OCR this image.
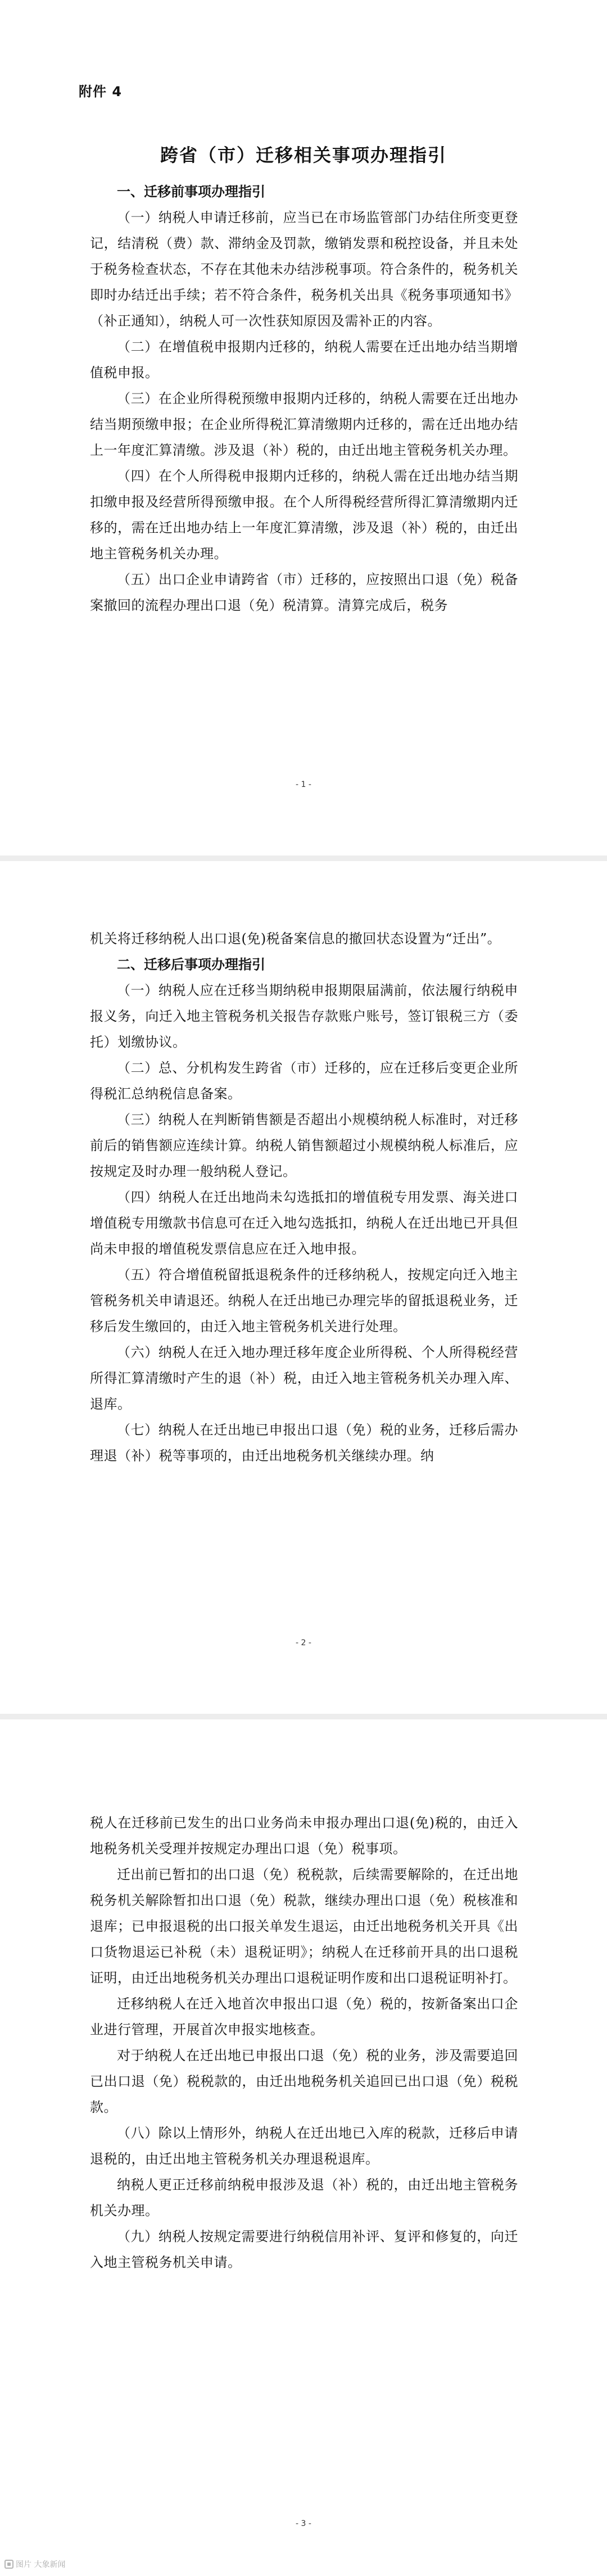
附件 4
跨省（市）迁移相关事项办理指引
一、迁移前事项办理指引

（一）纳税人申请迁移前，应当已在市场监管部门办结住所变更登记，结清税（费）款、滞纳金及罚款，缴销发票和税控设备，并且未处于税务检查状态，不存在其他未办结涉税事项。符合条件的，税务机关即时办结迁出手续；若不符合条件，税务机关出具《税务事项通知书》（补正通知），纳税人可一次性获知原因及需补正的内容。

（二）在增值税申报期内迁移的，纳税人需要在迁出地办结当期增值税申报。

（三）在企业所得税预缴申报期内迁移的，纳税人需要在迁出地办结当期预缴申报；在企业所得税汇算清缴期内迁移的，需在迁出地办结上一年度汇算清缴。涉及退（补）税的，由迁出地主管税务机关办理。

（四）在个人所得税申报期内迁移的，纳税人需在迁出地办结当期扣缴申报及经营所得预缴申报。在个人所得税经营所得汇算清缴期内迁移的，需在迁出地办结上一年度汇算清缴，涉及退（补）税的，由迁出地主管税务机关办理。

（五）出口企业申请跨省（市）迁移的，应按照出口退（免）税备案撤回的流程办理出口退（免）税清算。清算完成后，税务

- 1 -

机关将迁移纳税人出口退(免)税备案信息的撤回状态设置为“迁出”。

二、迁移后事项办理指引

（一）纳税人应在迁移当期纳税申报期限届满前，依法履行纳税申报义务，向迁入地主管税务机关报告存款账户账号，签订银税三方（委托）划缴协议。

（二）总、分机构发生跨省（市）迁移的，应在迁移后变更企业所得税汇总纳税信息备案。

（三）纳税人在判断销售额是否超出小规模纳税人标准时，对迁移前后的销售额应连续计算。纳税人销售额超过小规模纳税人标准后，应按规定及时办理一般纳税人登记。

（四）纳税人在迁出地尚未勾选抵扣的增值税专用发票、海关进口增值税专用缴款书信息可在迁入地勾选抵扣，纳税人在迁出地已开具但尚未申报的增值税发票信息应在迁入地申报。

（五）符合增值税留抵退税条件的迁移纳税人，按规定向迁入地主管税务机关申请退还。纳税人在迁出地已办理完毕的留抵退税业务，迁移后发生缴回的，由迁入地主管税务机关进行处理。

（六）纳税人在迁入地办理迁移年度企业所得税、个人所得税经营所得汇算清缴时产生的退（补）税，由迁入地主管税务机关办理入库、退库。

（七）纳税人在迁出地已申报出口退（免）税的业务，迁移后需办理退（补）税等事项的，由迁出地税务机关继续办理。纳

- 2 -

税人在迁移前已发生的出口业务尚未申报办理出口退(免)税的，由迁入地税务机关受理并按规定办理出口退（免）税事项。

迁出前已暂扣的出口退（免）税税款，后续需要解除的，在迁出地税务机关解除暂扣出口退（免）税款，继续办理出口退（免）税核准和退库；已申报退税的出口报关单发生退运，由迁出地税务机关开具《出口货物退运已补税（未）退税证明》；纳税人在迁移前开具的出口退税证明，由迁出地税务机关办理出口退税证明作废和出口退税证明补打。

迁移纳税人在迁入地首次申报出口退（免）税的，按新备案出口企业进行管理，开展首次申报实地核查。

对于纳税人在迁出地已申报出口退（免）税的业务，涉及需要追回已出口退（免）税税款的，由迁出地税务机关追回已出口退（免）税税款。

（八）除以上情形外，纳税人在迁出地已入库的税款，迁移后申请退税的，由迁出地主管税务机关办理退税退库。

纳税人更正迁移前纳税申报涉及退（补）税的，由迁出地主管税务机关办理。

（九）纳税人按规定需要进行纳税信用补评、复评和修复的，向迁入地主管税务机关申请。

- 3 -
图片 大象新闻
